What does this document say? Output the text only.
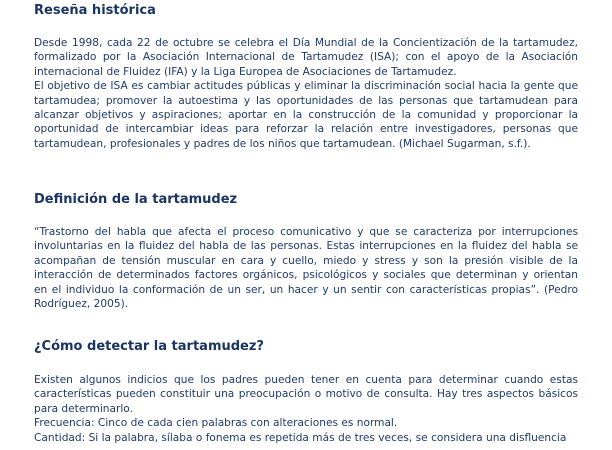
Reseña histórica
Desde 1998, cada 22 de octubre se celebra el Día Mundial de la Concientización de la tartamudez,
formalizado por la Asociación Internacional de Tartamudez (ISA); con el apoyo de la Asociación
internacional de Fluidez (IFA) y la Liga Europea de Asociaciones de Tartamudez.
El objetivo de ISA es cambiar actitudes públicas y eliminar la discriminación social hacia la gente que
tartamudea; promover la autoestima y las oportunidades de las personas que tartamudean para
alcanzar objetivos y aspiraciones; aportar en la construcción de la comunidad y proporcionar la
oportunidad de intercambiar ideas para reforzar la relación entre investigadores, personas que
tartamudean, profesionales y padres de los niños que tartamudean. (Michael Sugarman, s.f.).
Definición de la tartamudez
“Trastorno del habla que afecta el proceso comunicativo y que se caracteriza por interrupciones
involuntarias en la fluidez del habla de las personas. Estas interrupciones en la fluidez del habla se
acompañan de tensión muscular en cara y cuello, miedo y stress y son la presión visible de la
interacción de determinados factores orgánicos, psicológicos y sociales que determinan y orientan
en el individuo la conformación de un ser, un hacer y un sentir con características propias”. (Pedro
Rodríguez, 2005).
¿Cómo detectar la tartamudez?
Existen algunos indicios que los padres pueden tener en cuenta para determinar cuando estas
características pueden constituir una preocupación o motivo de consulta. Hay tres aspectos básicos
para determinarlo.
Frecuencia: Cinco de cada cien palabras con alteraciones es normal.
Cantidad: Si la palabra, sílaba o fonema es repetida más de tres veces, se considera una disfluencia
